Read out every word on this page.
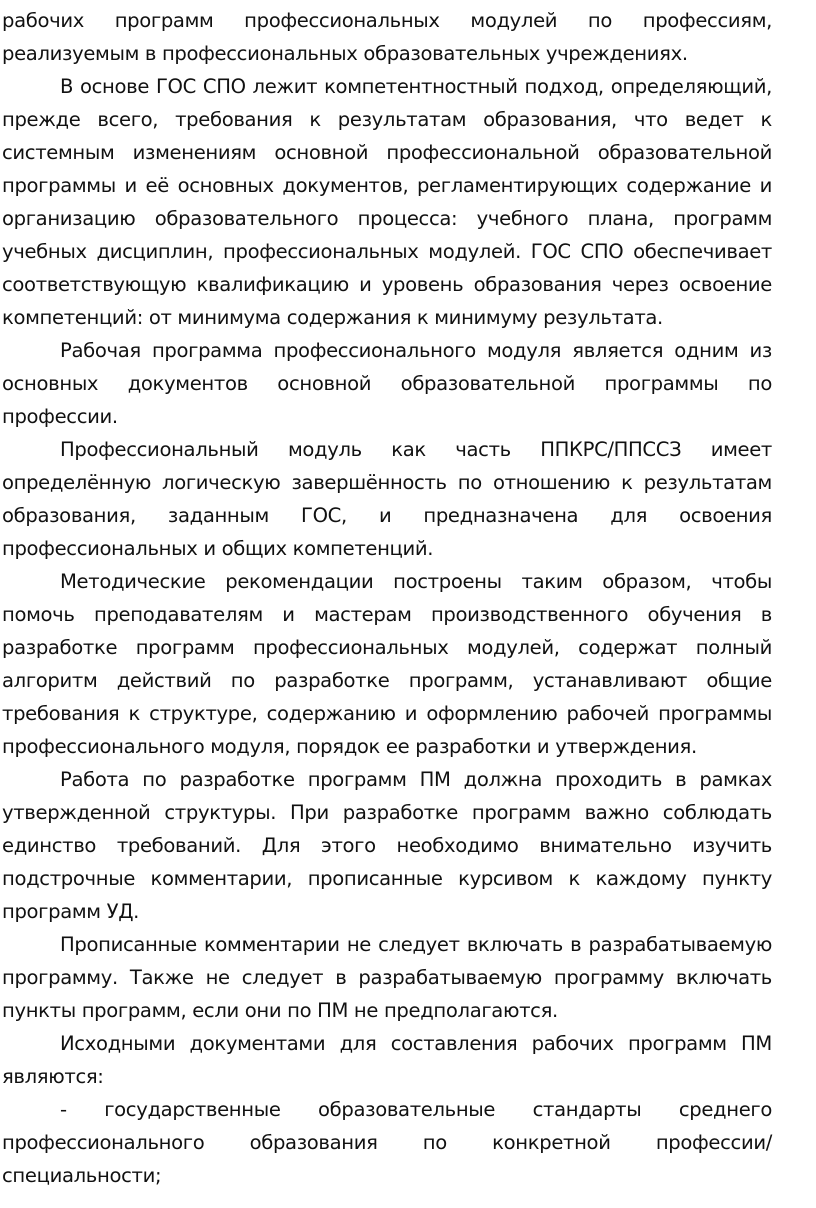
рабочих программ профессиональных модулей по профессиям, реализуемым в профессиональных образовательных учреждениях.

В основе ГОС СПО лежит компетентностный подход, определяющий, прежде всего, требования к результатам образования, что ведет к системным изменениям основной профессиональной образовательной программы и её основных документов, регламентирующих содержание и организацию образовательного процесса: учебного плана, программ учебных дисциплин, профессиональных модулей. ГОС СПО обеспечивает соответствующую квалификацию и уровень образования через освоение компетенций: от минимума содержания к минимуму результата.

Рабочая программа профессионального модуля является одним из основных документов основной образовательной программы по профессии.

Профессиональный модуль как часть ППКРС/ППССЗ имеет определённую логическую завершённость по отношению к результатам образования, заданным ГОС, и предназначена для освоения профессиональных и общих компетенций.

Методические рекомендации построены таким образом, чтобы помочь преподавателям и мастерам производственного обучения в разработке программ профессиональных модулей, содержат полный алгоритм действий по разработке программ, устанавливают общие требования к структуре, содержанию и оформлению рабочей программы профессионального модуля, порядок ее разработки и утверждения.

Работа по разработке программ ПМ должна проходить в рамках утвержденной структуры. При разработке программ важно соблюдать единство требований. Для этого необходимо внимательно изучить подстрочные комментарии, прописанные курсивом к каждому пункту программ УД.

Прописанные комментарии не следует включать в разрабатываемую программу. Также не следует в разрабатываемую программу включать пункты программ, если они по ПМ не предполагаются.

Исходными документами для составления рабочих программ ПМ являются:

- государственные образовательные стандарты среднего профессионального образования по конкретной профессии/специальности;
